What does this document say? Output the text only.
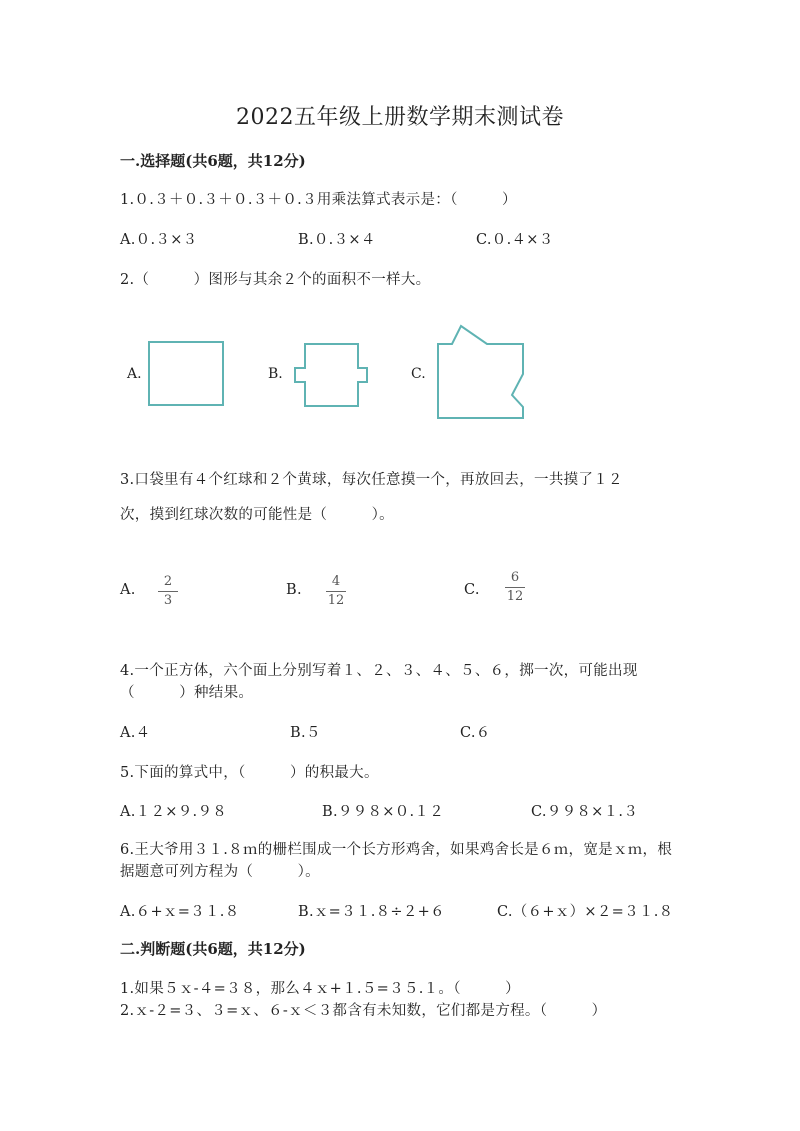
2022五年级上册数学期末测试卷
一.选择题(共6题，共12分)
1.０.３＋０.３＋０.３＋０.３用乘法算式表示是：（　　　）
A.０.３×３	B.０.３×４	C.０.４×３
2.（　　　）图形与其余２个的面积不一样大。
A.	B.	C.
3.口袋里有４个红球和２个黄球，每次任意摸一个，再放回去，一共摸了１２
次，摸到红球次数的可能性是（　　　）。
A.
2
3
B.
4
12
C.
6
12
4.一个正方体，六个面上分别写着１、２、３、４、５、６，掷一次，可能出现
（　　　）种结果。
A.４	B.５	C.６
5.下面的算式中，（　　　）的积最大。
A.１２×９.９８	B.９９８×０.１２	C.９９８×１.３
6.王大爷用３１.８ｍ的栅栏围成一个长方形鸡舍，如果鸡舍长是６ｍ，宽是ｘｍ，根
据题意可列方程为（　　　）。
A.６+ｘ=３１.８	B.ｘ=３１.８÷２+６	C.（６+ｘ）×２=３１.８
二.判断题(共6题，共12分)
1.如果５ｘ-４=３８，那么４ｘ+１.５=３５.１。（　　　）
2.ｘ-２=３、３=ｘ、６-ｘ＜３都含有未知数，它们都是方程。（　　　）
